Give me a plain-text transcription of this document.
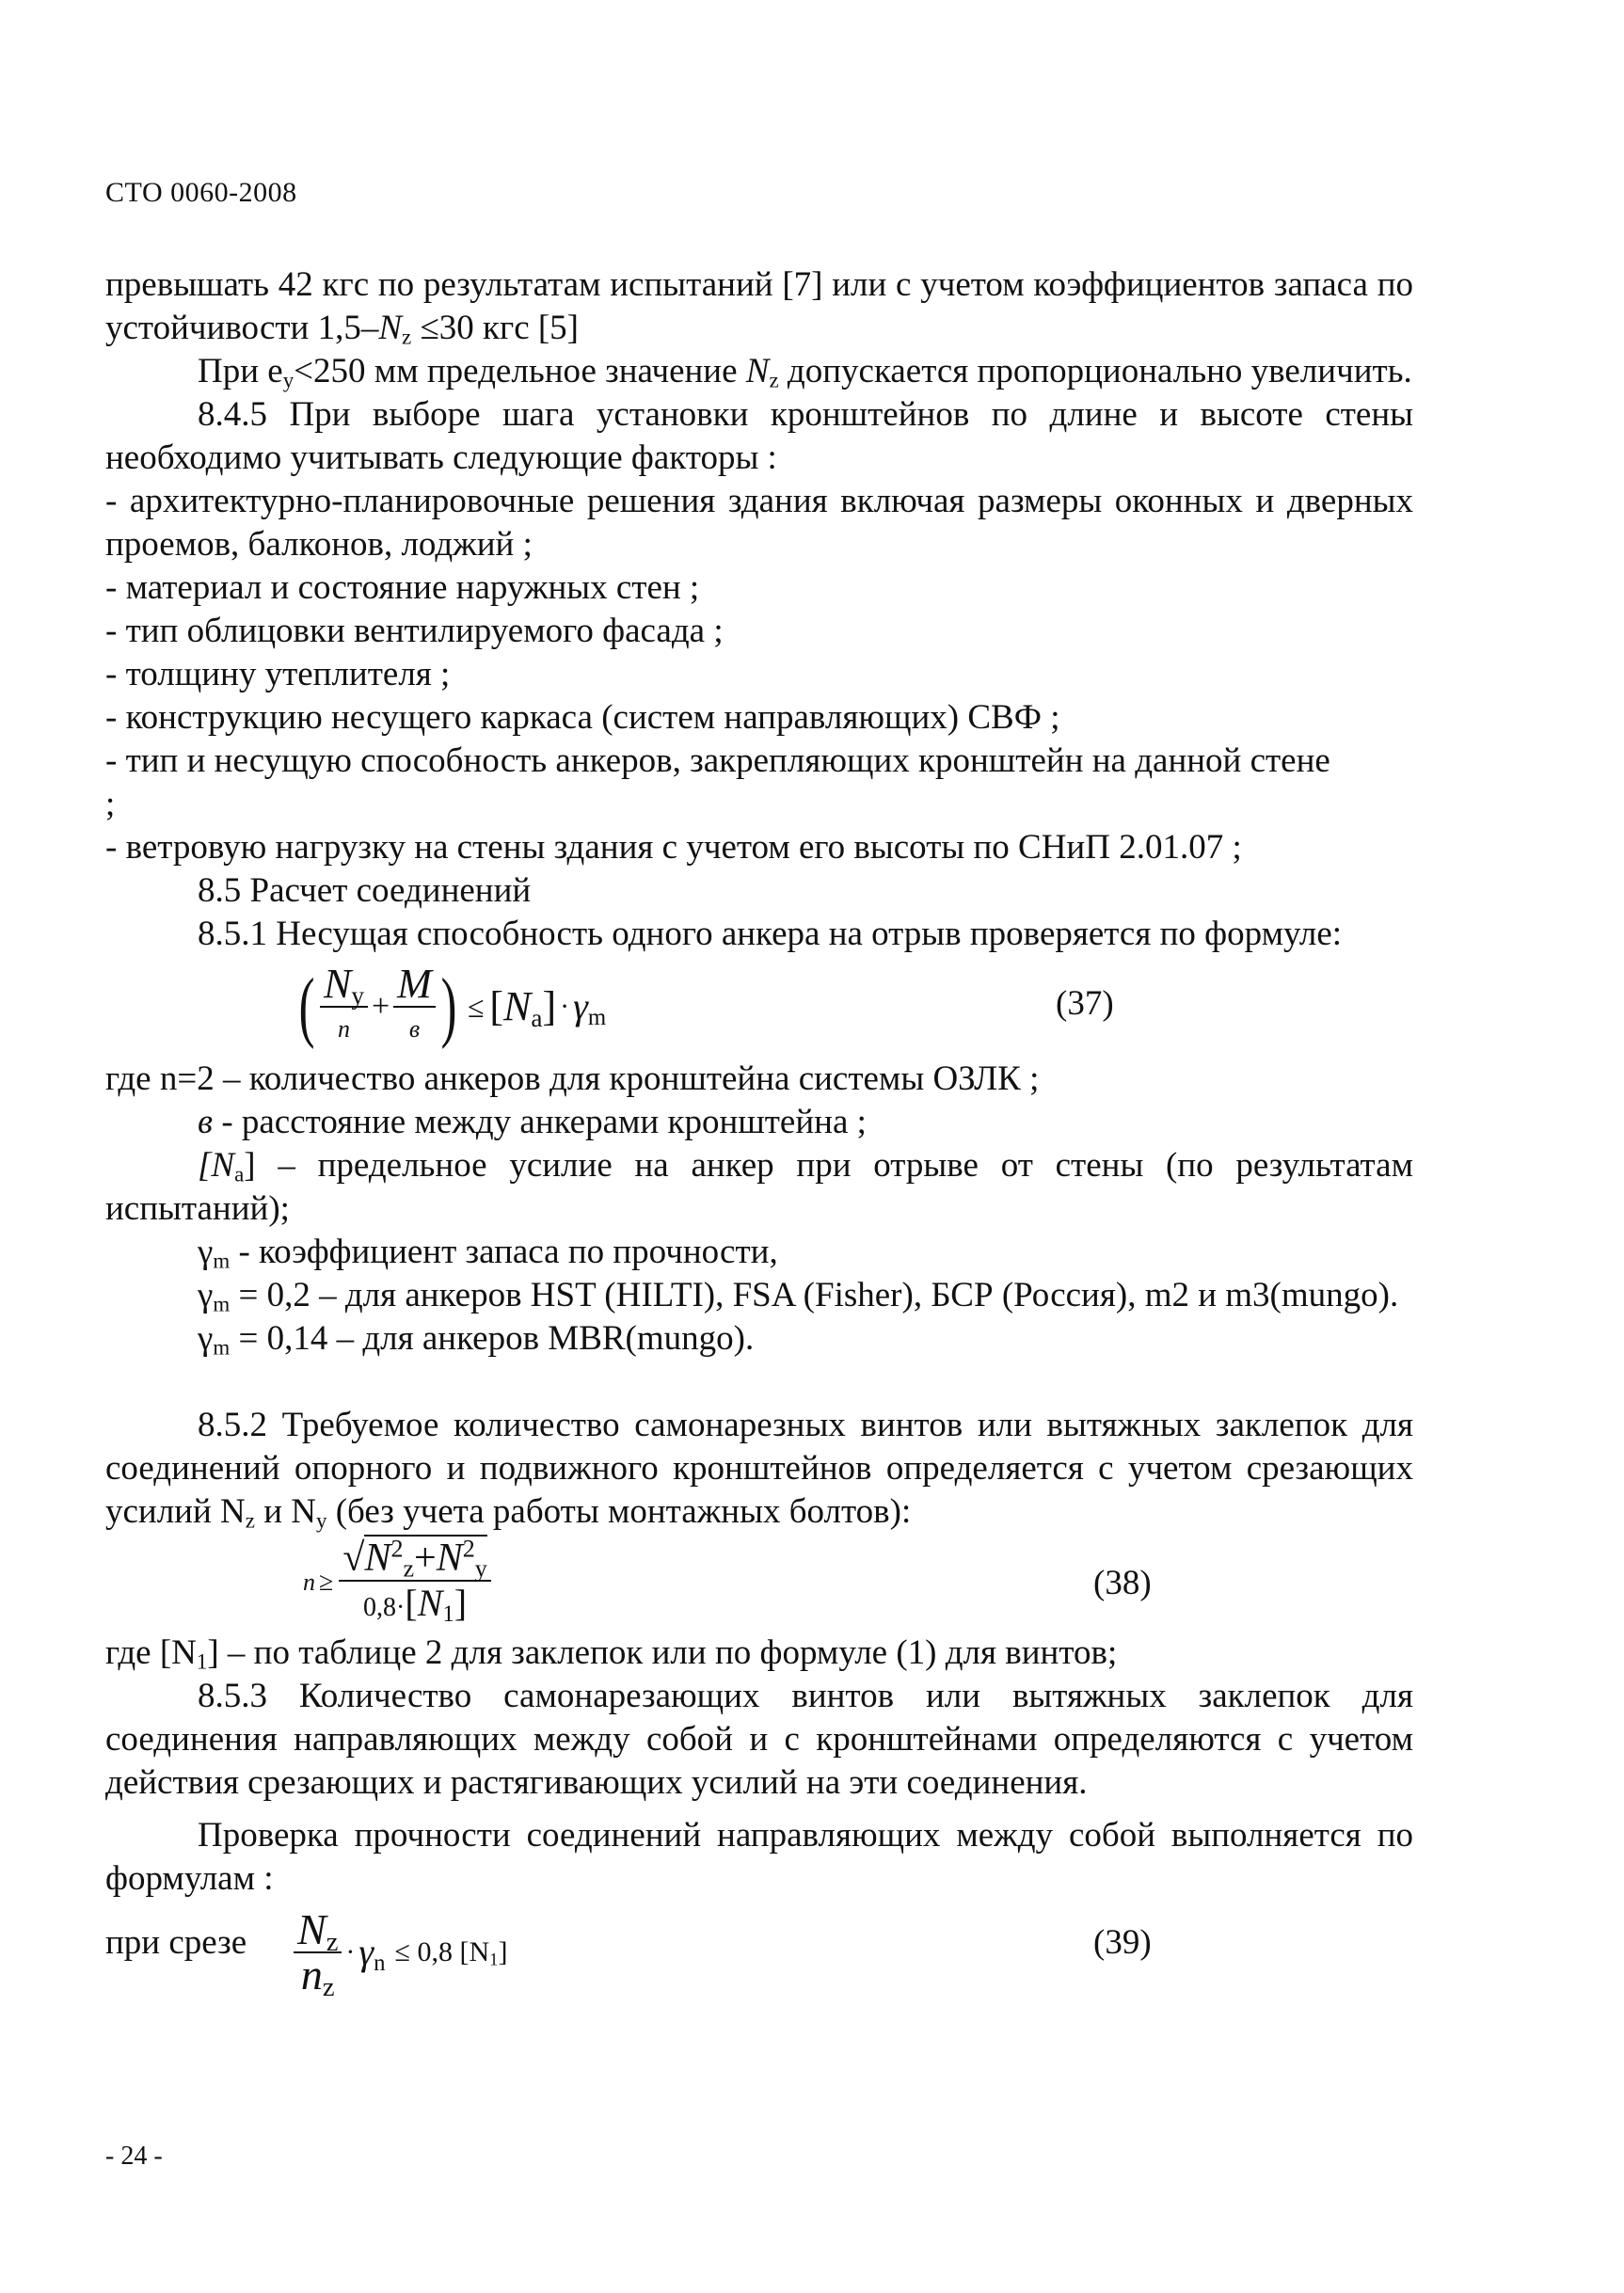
СТО 0060-2008

превышать 42 кгс по результатам испытаний [7] или с учетом коэффициентов запаса по устойчивости $1,5-N_z \le 30$ кгс [5]

При $e_y<250$ мм предельное значение $N_z$ допускается пропорционально увеличить.

8.4.5 При выборе шага установки кронштейнов по длине и высоте стены необходимо учитывать следующие факторы :

- архитектурно-планировочные решения здания включая размеры оконных и дверных проемов, балконов, лоджий ;

- материал и состояние наружных стен ;

- тип облицовки вентилируемого фасада ;

- толщину утеплителя ;

- конструкцию несущего каркаса (систем направляющих) СВФ ;

- тип и несущую способность анкеров, закрепляющих кронштейн на данной стене

;

- ветровую нагрузку на стены здания с учетом его высоты по СНиП 2.01.07 ;

8.5 Расчет соединений

8.5.1 Несущая способность одного анкера на отрыв проверяется по формуле:

( $\frac{N_y}{n} + \frac{M}{в}$ ) ≤ $[N_a] \cdot \gamma_m$	(37)

где n=2 – количество анкеров для кронштейна системы ОЗЛК ;

в - расстояние между анкерами кронштейна ;

$[N_a]$ – предельное усилие на анкер при отрыве от стены (по результатам испытаний);

$\gamma_m$ - коэффициент запаса по прочности,

$\gamma_m = 0,2$ – для анкеров HST (HILTI), FSA (Fisher), БСР (Россия), m2 и m3(mungo).

$\gamma_m = 0,14$ – для анкеров MBR(mungo).

8.5.2 Требуемое количество самонарезных винтов или вытяжных заклепок для соединений опорного и подвижного кронштейнов определяется с учетом срезающих усилий $N_z$ и $N_y$ (без учета работы монтажных болтов):

$n \ge \frac{√N^2_z+N^2_y}{0,8\cdot[N_1]}$	(38)

где $[N_1]$ – по таблице 2 для заклепок или по формуле (1) для винтов;

8.5.3 Количество самонарезающих винтов или вытяжных заклепок для соединения направляющих между собой и с кронштейнами определяются с учетом действия срезающих и растягивающих усилий на эти соединения.

Проверка прочности соединений направляющих между собой выполняется по формулам :

при срезе $\frac{N_z}{n_z} \cdot \gamma_n \le 0,8$ $[N_1]$	(39)
- 24 -
